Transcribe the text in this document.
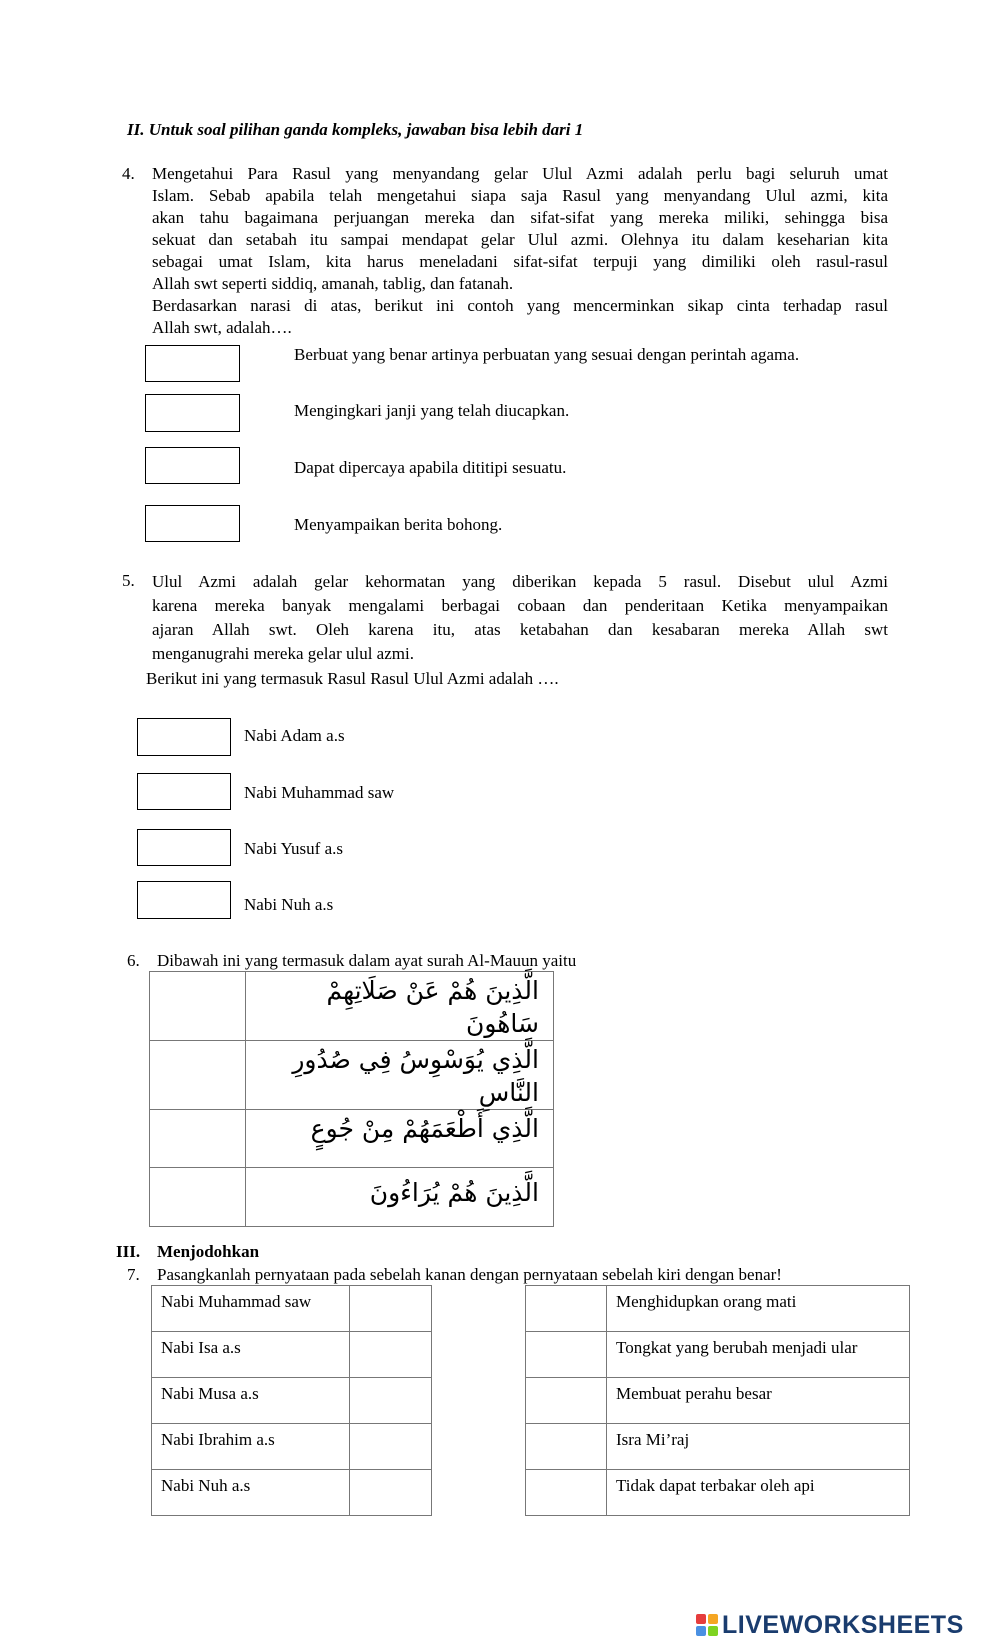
II. Untuk soal pilihan ganda kompleks, jawaban bisa lebih dari 1
4. Mengetahui Para Rasul yang menyandang gelar Ulul Azmi adalah perlu bagi seluruh umat
Islam. Sebab apabila telah mengetahui siapa saja Rasul yang menyandang Ulul azmi, kita
akan tahu bagaimana perjuangan mereka dan sifat-sifat yang mereka miliki, sehingga bisa
sekuat dan setabah itu sampai mendapat gelar Ulul azmi. Olehnya itu dalam keseharian kita
sebagai umat Islam, kita harus meneladani sifat-sifat terpuji yang dimiliki oleh rasul-rasul
Allah swt seperti siddiq, amanah, tablig, dan fatanah.
Berdasarkan narasi di atas, berikut ini contoh yang mencerminkan sikap cinta terhadap rasul
Allah swt, adalah….
Berbuat yang benar artinya perbuatan yang sesuai dengan perintah agama.
Mengingkari janji yang telah diucapkan.
Dapat dipercaya apabila dititipi sesuatu.
Menyampaikan berita bohong.
5. Ulul Azmi adalah gelar kehormatan yang diberikan kepada 5 rasul. Disebut ulul Azmi
karena mereka banyak mengalami berbagai cobaan dan penderitaan Ketika menyampaikan
ajaran Allah swt. Oleh karena itu, atas ketabahan dan kesabaran mereka Allah swt
menganugrahi mereka gelar ulul azmi.
Berikut ini yang termasuk Rasul Rasul Ulul Azmi adalah ….
Nabi Adam a.s
Nabi Muhammad saw
Nabi Yusuf a.s
Nabi Nuh a.s
6. Dibawah ini yang termasuk dalam ayat surah Al-Mauun yaitu
	الَّذِينَ هُمْ عَنْ صَلَاتِهِمْ سَاهُونَ
	الَّذِي يُوَسْوِسُ فِي صُدُورِ النَّاسِ
	الَّذِي أَطْعَمَهُمْ مِنْ جُوعٍ
	الَّذِينَ هُمْ يُرَاءُونَ
III. Menjodohkan
7. Pasangkanlah pernyataan pada sebelah kanan dengan pernyataan sebelah kiri dengan benar!
Nabi Muhammad saw	
Nabi Isa a.s	
Nabi Musa a.s	
Nabi Ibrahim a.s	
Nabi Nuh a.s	
	Menghidupkan orang mati
	Tongkat yang berubah menjadi ular
	Membuat perahu besar
	Isra Mi’raj
	Tidak dapat terbakar oleh api
LIVEWORKSHEETS
